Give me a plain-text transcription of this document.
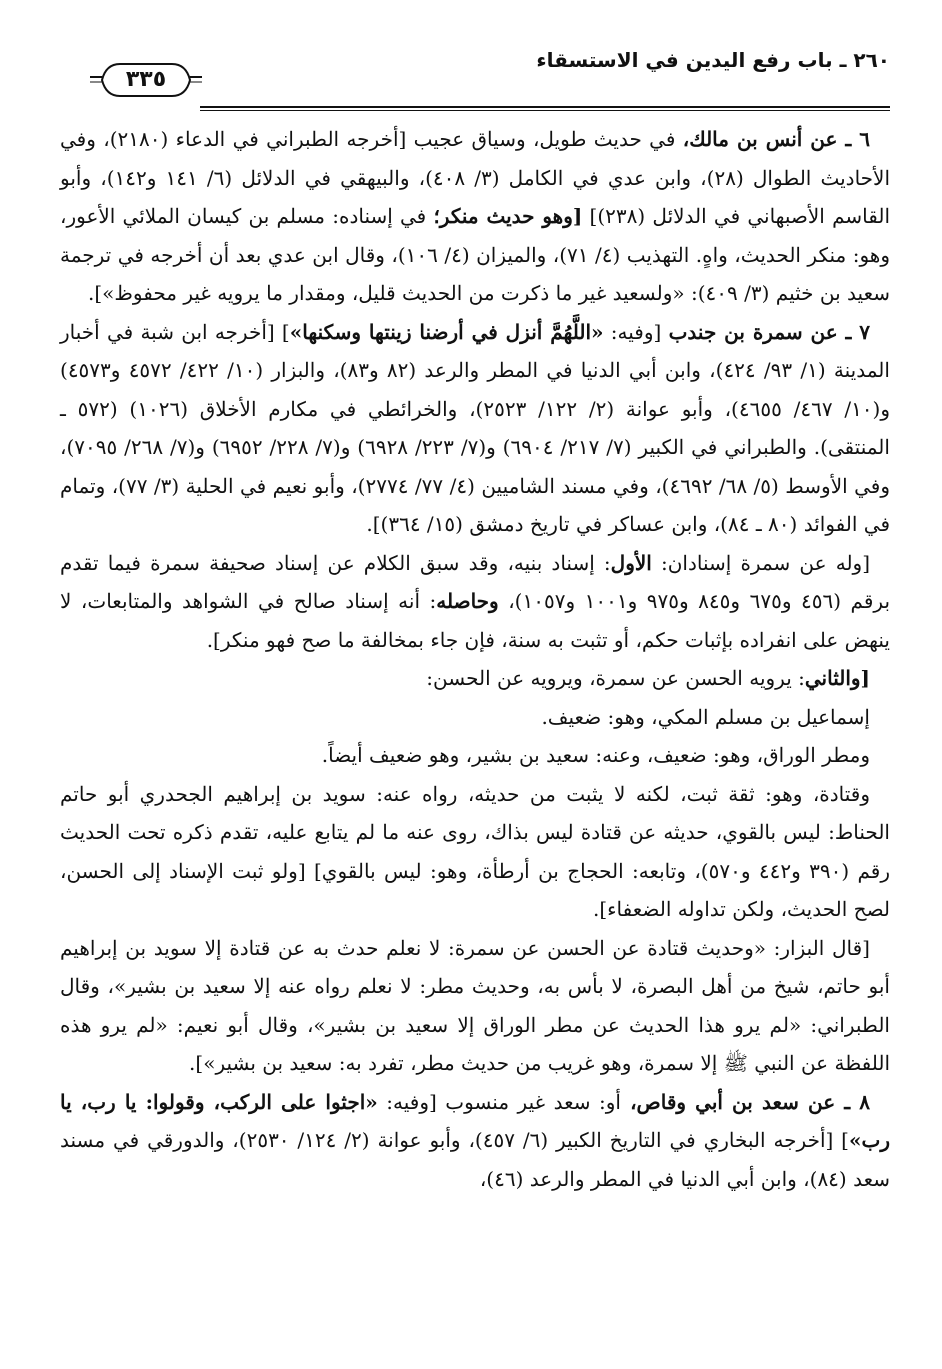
٢٦٠ ـ باب رفع اليدين في الاستسقاء
٣٣٥

٦ ـ عن أنس بن مالك، في حديث طويل، وسياق عجيب [أخرجه الطبراني في الدعاء (٢١٨٠)، وفي الأحاديث الطوال (٢٨)، وابن عدي في الكامل (٣/ ٤٠٨)، والبيهقي في الدلائل (٦/ ١٤١ و١٤٢)، وأبو القاسم الأصبهاني في الدلائل (٢٣٨)] [وهو حديث منكر؛ في إسناده: مسلم بن كيسان الملائي الأعور، وهو: منكر الحديث، واهٍ. التهذيب (٤/ ٧١)، والميزان (٤/ ١٠٦)، وقال ابن عدي بعد أن أخرجه في ترجمة سعيد بن خثيم (٣/ ٤٠٩): «ولسعيد غير ما ذكرت من الحديث قليل، ومقدار ما يرويه غير محفوظ»].

٧ ـ عن سمرة بن جندب [وفيه: «اللَّهُمَّ أنزل في أرضنا زينتها وسكنها»] [أخرجه ابن شبة في أخبار المدينة (١/ ٩٣/ ٤٢٤)، وابن أبي الدنيا في المطر والرعد (٨٢ و٨٣)، والبزار (١٠/ ٤٢٢/ ٤٥٧٢ و٤٥٧٣) و(١٠/ ٤٦٧/ ٤٦٥٥)، وأبو عوانة (٢/ ١٢٢/ ٢٥٢٣)، والخرائطي في مكارم الأخلاق (١٠٢٦) (٥٧٢ ـ المنتقى). والطبراني في الكبير (٧/ ٢١٧/ ٦٩٠٤) و(٧/ ٢٢٣/ ٦٩٢٨) و(٧/ ٢٢٨/ ٦٩٥٢) و(٧/ ٢٦٨/ ٧٠٩٥)، وفي الأوسط (٥/ ٦٨/ ٤٦٩٢)، وفي مسند الشاميين (٤/ ٧٧/ ٢٧٧٤)، وأبو نعيم في الحلية (٣/ ٧٧)، وتمام في الفوائد (٨٠ ـ ٨٤)، وابن عساكر في تاريخ دمشق (١٥/ ٣٦٤)].

[وله عن سمرة إسنادان: الأول: إسناد بنيه، وقد سبق الكلام عن إسناد صحيفة سمرة فيما تقدم برقم (٤٥٦ و٦٧٥ و٨٤٥ و٩٧٥ و١٠٠١ و١٠٥٧)، وحاصله: أنه إسناد صالح في الشواهد والمتابعات، لا ينهض على انفراده بإثبات حكم، أو تثبت به سنة، فإن جاء بمخالفة ما صح فهو منكر].

[والثاني: يرويه الحسن عن سمرة، ويرويه عن الحسن:

إسماعيل بن مسلم المكي، وهو: ضعيف.

ومطر الوراق، وهو: ضعيف، وعنه: سعيد بن بشير، وهو ضعيف أيضاً.

وقتادة، وهو: ثقة ثبت، لكنه لا يثبت من حديثه، رواه عنه: سويد بن إبراهيم الجحدري أبو حاتم الحناط: ليس بالقوي، حديثه عن قتادة ليس بذاك، روى عنه ما لم يتابع عليه، تقدم ذكره تحت الحديث رقم (٣٩٠ و٤٤٢ و٥٧٠)، وتابعه: الحجاج بن أرطأة، وهو: ليس بالقوي] [ولو ثبت الإسناد إلى الحسن، لصح الحديث، ولكن تداوله الضعفاء].

[قال البزار: «وحديث قتادة عن الحسن عن سمرة: لا نعلم حدث به عن قتادة إلا سويد بن إبراهيم أبو حاتم، شيخ من أهل البصرة، لا بأس به، وحديث مطر: لا نعلم رواه عنه إلا سعيد بن بشير»، وقال الطبراني: «لم يرو هذا الحديث عن مطر الوراق إلا سعيد بن بشير»، وقال أبو نعيم: «لم يرو هذه اللفظة عن النبي ﷺ إلا سمرة، وهو غريب من حديث مطر، تفرد به: سعيد بن بشير»].

٨ ـ عن سعد بن أبي وقاص، أو: سعد غير منسوب [وفيه: «اجثوا على الركب، وقولوا: يا رب، يا رب»] [أخرجه البخاري في التاريخ الكبير (٦/ ٤٥٧)، وأبو عوانة (٢/ ١٢٤/ ٢٥٣٠)، والدورقي في مسند سعد (٨٤)، وابن أبي الدنيا في المطر والرعد (٤٦)،
